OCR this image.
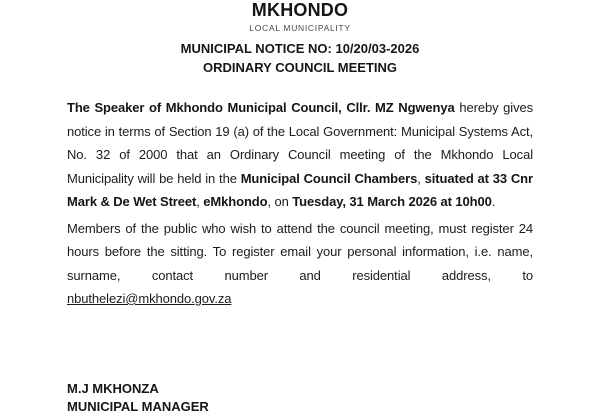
MKHONDO
LOCAL MUNICIPALITY
MUNICIPAL NOTICE NO: 10/20/03-2026
ORDINARY COUNCIL MEETING

The Speaker of Mkhondo Municipal Council, Cllr. MZ Ngwenya hereby gives notice in terms of Section 19 (a) of the Local Government: Municipal Systems Act, No. 32 of 2000 that an Ordinary Council meeting of the Mkhondo Local Municipality will be held in the Municipal Council Chambers, situated at 33 Cnr Mark & De Wet Street, eMkhondo, on Tuesday, 31 March 2026 at 10h00.

Members of the public who wish to attend the council meeting, must register 24 hours before the sitting. To register email your personal information, i.e. name, surname, contact number and residential address, to nbuthelezi@mkhondo.gov.za

M.J MKHONZA
MUNICIPAL MANAGER
